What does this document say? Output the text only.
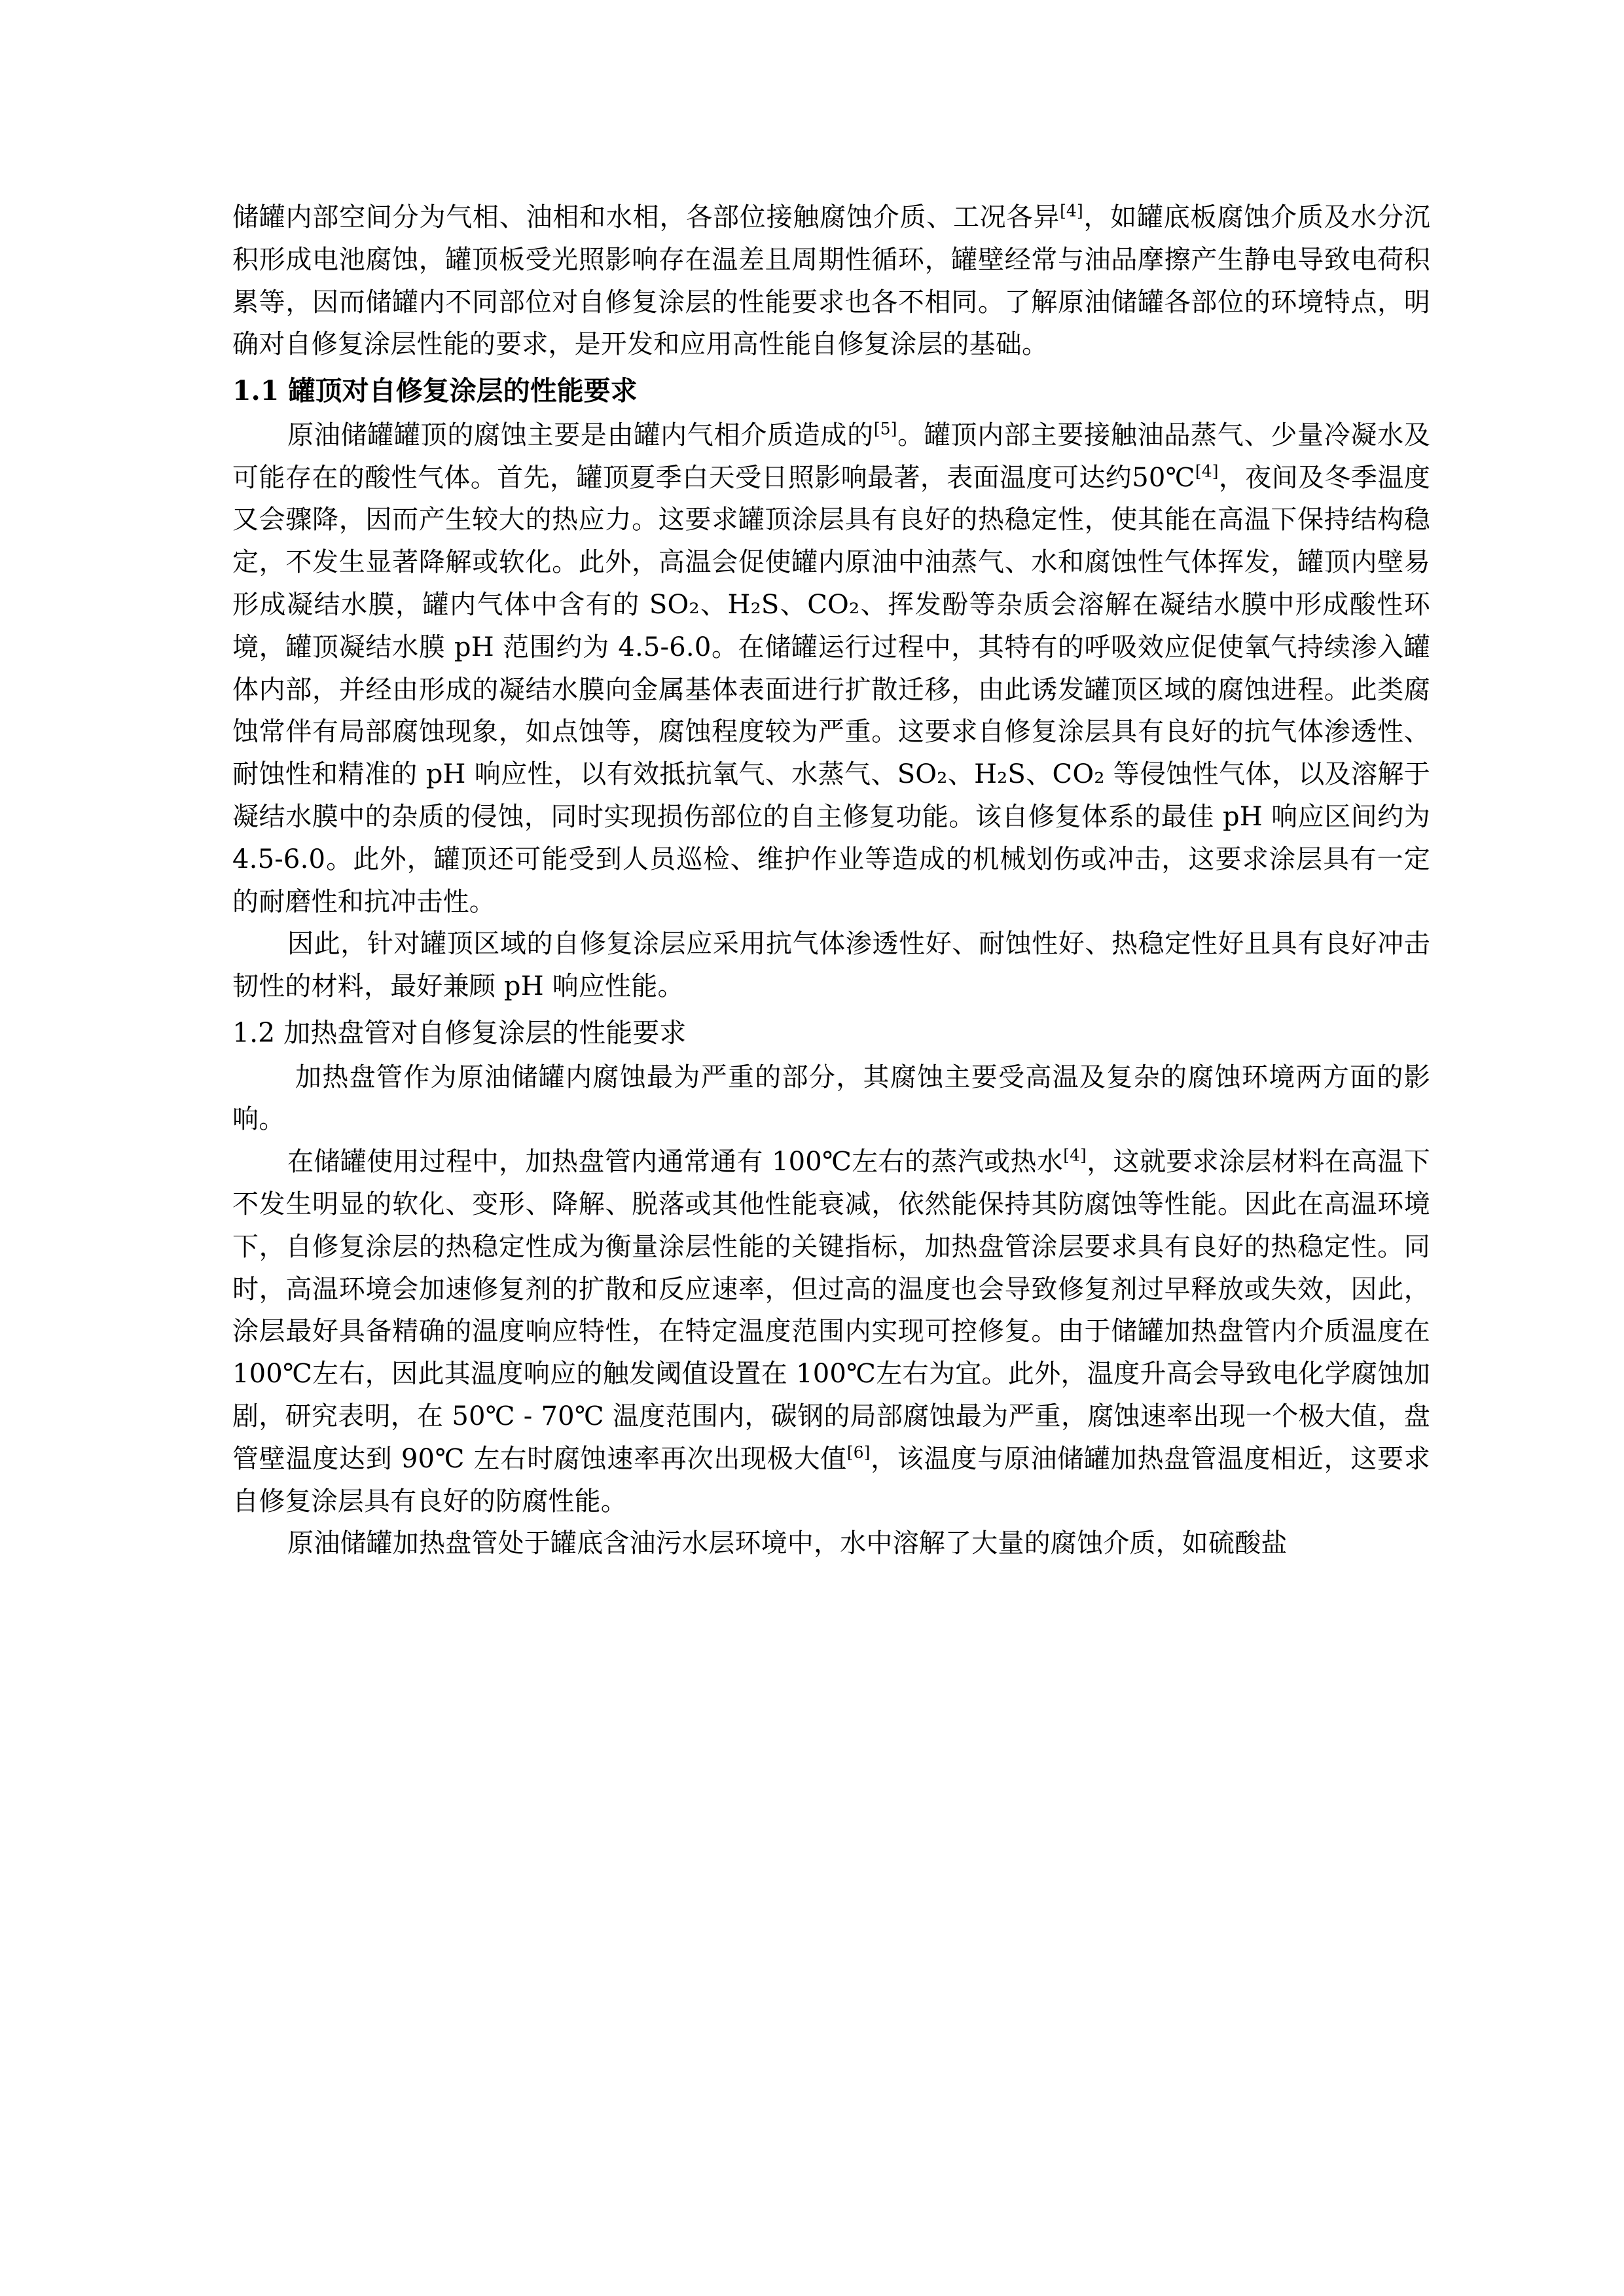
储罐内部空间分为气相、油相和水相，各部位接触腐蚀介质、工况各异[4]，如罐底板腐蚀介质及水分沉积形成电池腐蚀，罐顶板受光照影响存在温差且周期性循环，罐壁经常与油品摩擦产生静电导致电荷积累等，因而储罐内不同部位对自修复涂层的性能要求也各不相同。了解原油储罐各部位的环境特点，明确对自修复涂层性能的要求，是开发和应用高性能自修复涂层的基础。

1.1 罐顶对自修复涂层的性能要求

原油储罐罐顶的腐蚀主要是由罐内气相介质造成的[5]。罐顶内部主要接触油品蒸气、少量冷凝水及可能存在的酸性气体。首先，罐顶夏季白天受日照影响最著，表面温度可达约50℃[4]，夜间及冬季温度又会骤降，因而产生较大的热应力。这要求罐顶涂层具有良好的热稳定性，使其能在高温下保持结构稳定，不发生显著降解或软化。此外，高温会促使罐内原油中油蒸气、水和腐蚀性气体挥发，罐顶内壁易形成凝结水膜，罐内气体中含有的 SO₂、H₂S、CO₂、挥发酚等杂质会溶解在凝结水膜中形成酸性环境，罐顶凝结水膜 pH 范围约为 4.5-6.0。在储罐运行过程中，其特有的呼吸效应促使氧气持续渗入罐体内部，并经由形成的凝结水膜向金属基体表面进行扩散迁移，由此诱发罐顶区域的腐蚀进程。此类腐蚀常伴有局部腐蚀现象，如点蚀等，腐蚀程度较为严重。这要求自修复涂层具有良好的抗气体渗透性、耐蚀性和精准的 pH 响应性，以有效抵抗氧气、水蒸气、SO₂、H₂S、CO₂ 等侵蚀性气体，以及溶解于凝结水膜中的杂质的侵蚀，同时实现损伤部位的自主修复功能。该自修复体系的最佳 pH 响应区间约为 4.5-6.0。此外，罐顶还可能受到人员巡检、维护作业等造成的机械划伤或冲击，这要求涂层具有一定的耐磨性和抗冲击性。

因此，针对罐顶区域的自修复涂层应采用抗气体渗透性好、耐蚀性好、热稳定性好且具有良好冲击韧性的材料，最好兼顾 pH 响应性能。

1.2 加热盘管对自修复涂层的性能要求

加热盘管作为原油储罐内腐蚀最为严重的部分，其腐蚀主要受高温及复杂的腐蚀环境两方面的影响。

在储罐使用过程中，加热盘管内通常通有 100℃左右的蒸汽或热水[4]，这就要求涂层材料在高温下不发生明显的软化、变形、降解、脱落或其他性能衰减，依然能保持其防腐蚀等性能。因此在高温环境下，自修复涂层的热稳定性成为衡量涂层性能的关键指标，加热盘管涂层要求具有良好的热稳定性。同时，高温环境会加速修复剂的扩散和反应速率，但过高的温度也会导致修复剂过早释放或失效，因此，涂层最好具备精确的温度响应特性，在特定温度范围内实现可控修复。由于储罐加热盘管内介质温度在 100℃左右，因此其温度响应的触发阈值设置在 100℃左右为宜。此外，温度升高会导致电化学腐蚀加剧，研究表明，在 50℃ - 70℃ 温度范围内，碳钢的局部腐蚀最为严重，腐蚀速率出现一个极大值，盘管壁温度达到 90℃ 左右时腐蚀速率再次出现极大值[6]，该温度与原油储罐加热盘管温度相近，这要求自修复涂层具有良好的防腐性能。

原油储罐加热盘管处于罐底含油污水层环境中，水中溶解了大量的腐蚀介质，如硫酸盐
